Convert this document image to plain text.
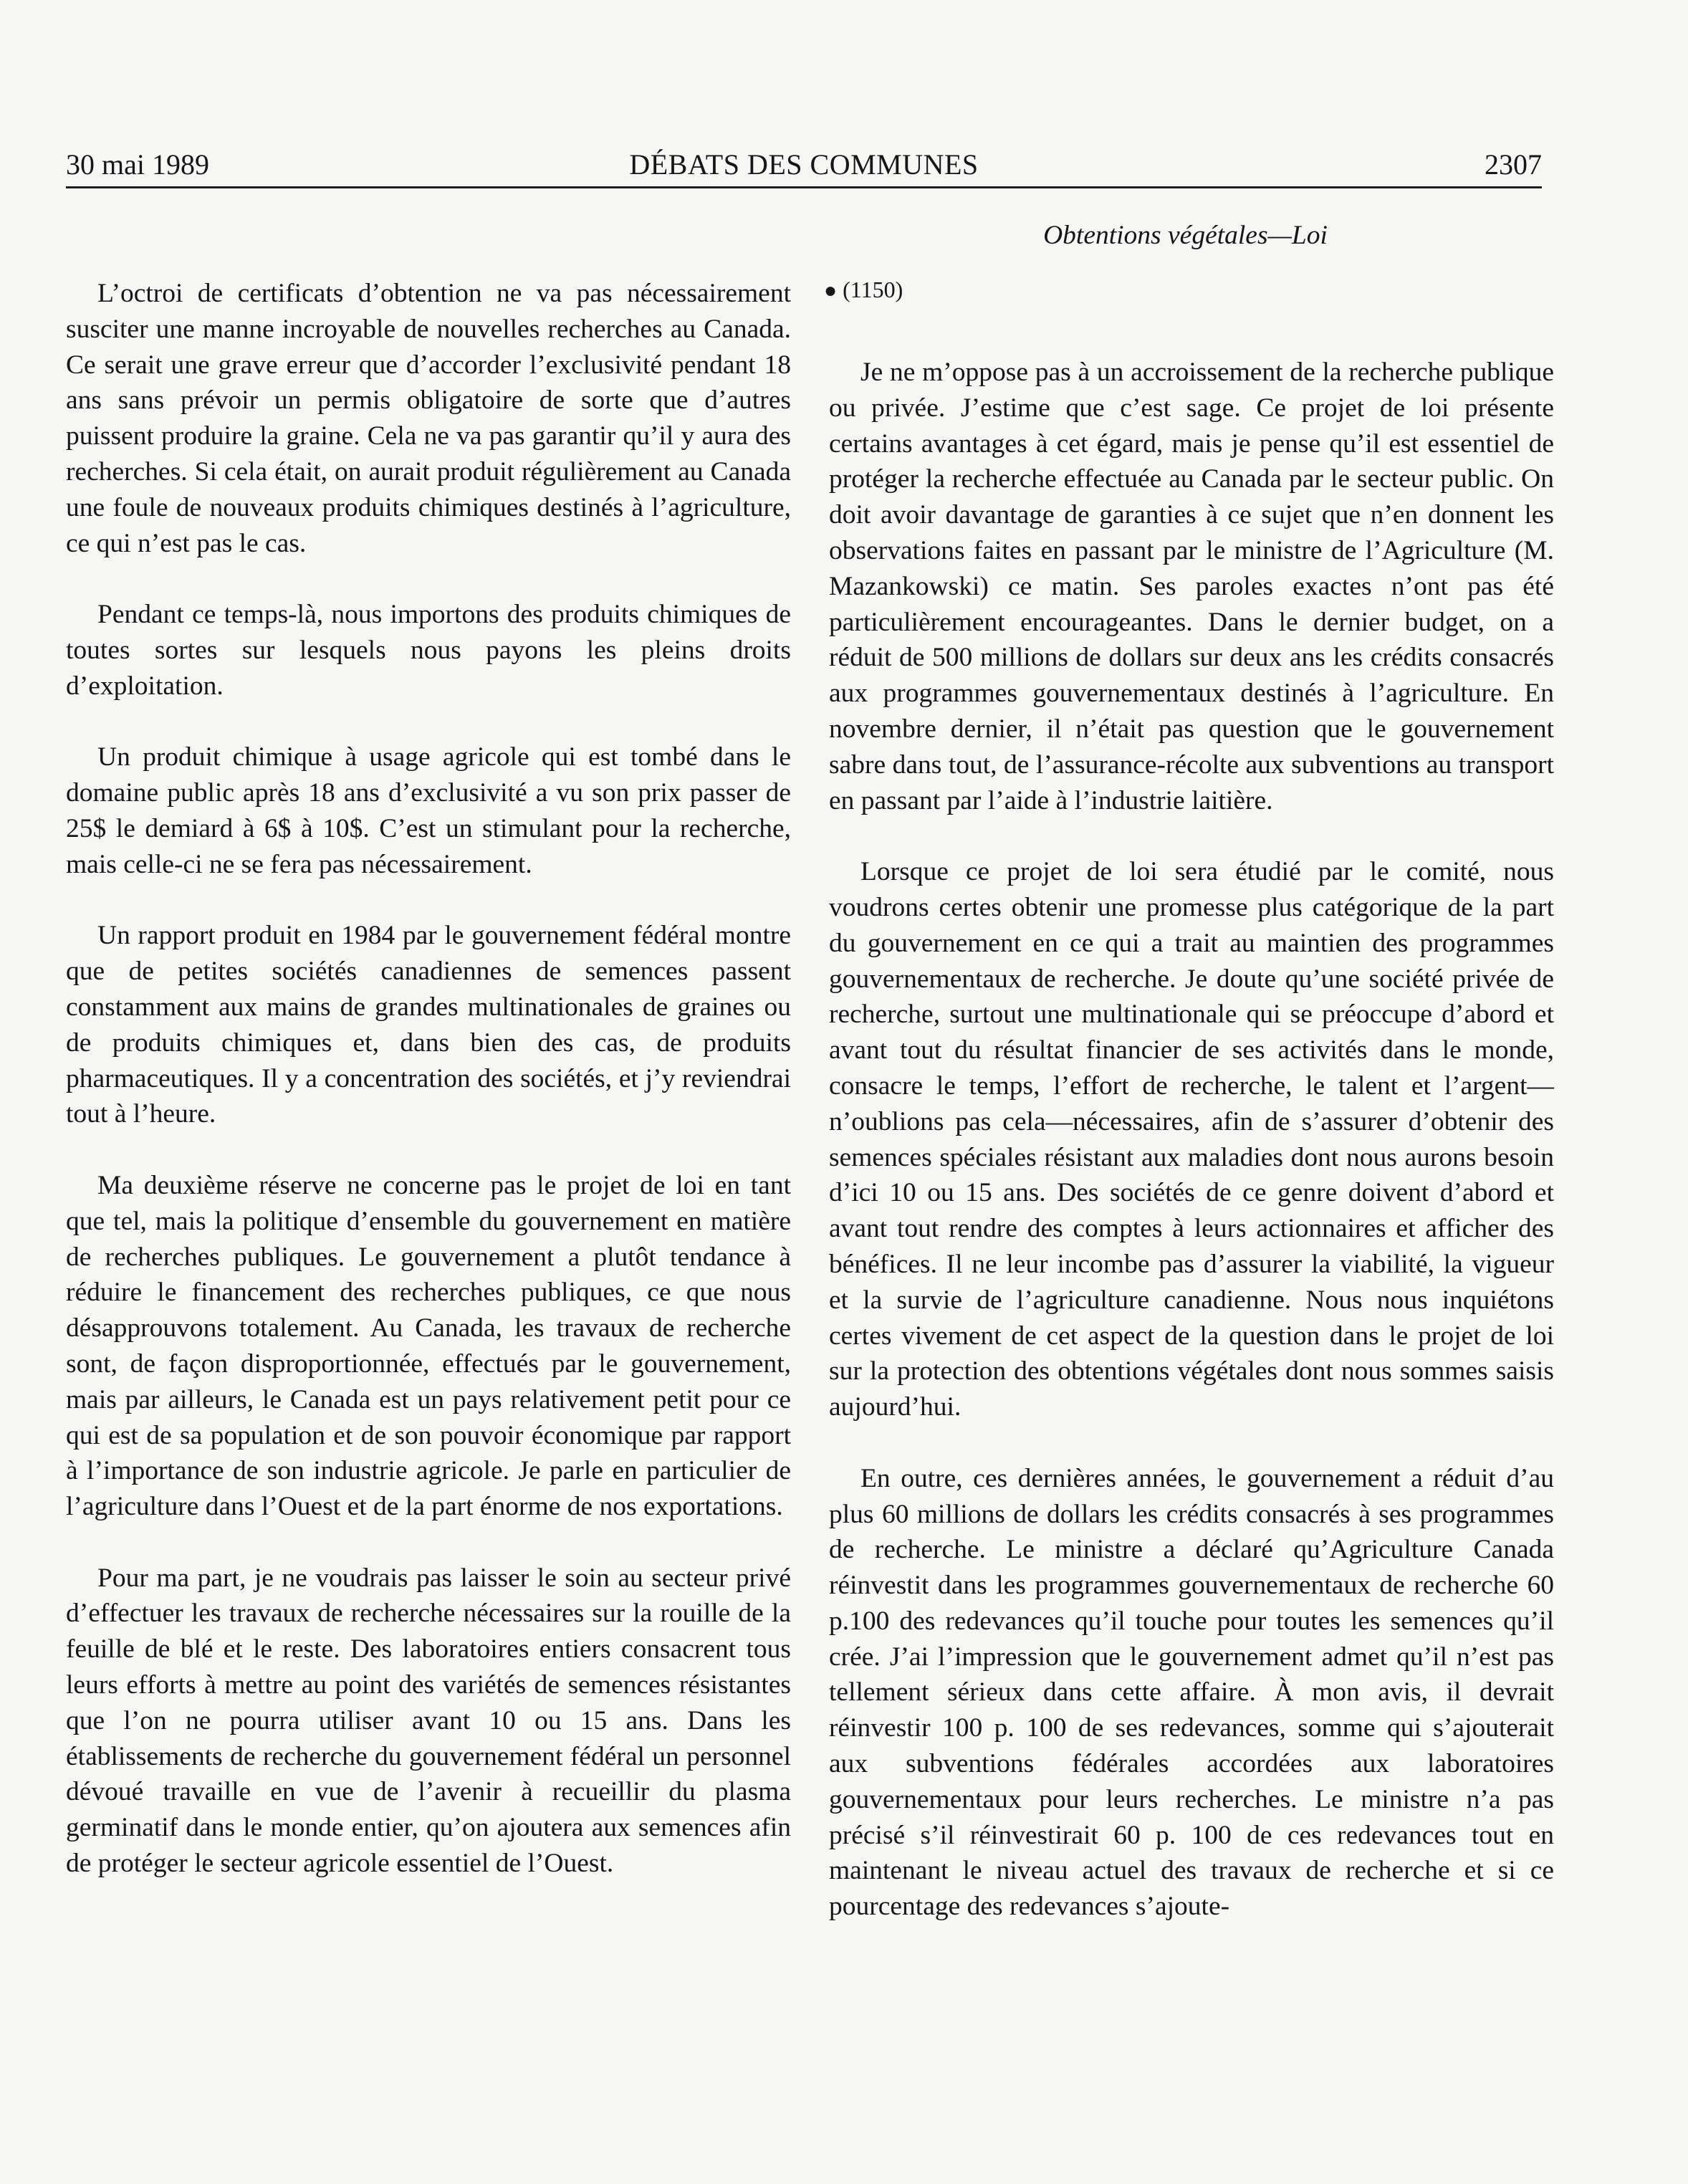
30 mai 1989	DÉBATS DES COMMUNES	2307
Obtentions végétales—Loi

L’octroi de certificats d’obtention ne va pas nécessairement susciter une manne incroyable de nouvelles recherches au Canada. Ce serait une grave erreur que d’accorder l’exclusivité pendant 18 ans sans prévoir un permis obligatoire de sorte que d’autres puissent produire la graine. Cela ne va pas garantir qu’il y aura des recherches. Si cela était, on aurait produit régulièrement au Canada une foule de nouveaux produits chimiques destinés à l’agriculture, ce qui n’est pas le cas.

Pendant ce temps-là, nous importons des produits chimiques de toutes sortes sur lesquels nous payons les pleins droits d’exploitation.

Un produit chimique à usage agricole qui est tombé dans le domaine public après 18 ans d’exclusivité a vu son prix passer de 25$ le demiard à 6$ à 10$. C’est un stimulant pour la recherche, mais celle-ci ne se fera pas nécessairement.

Un rapport produit en 1984 par le gouvernement fédéral montre que de petites sociétés canadiennes de semences passent constamment aux mains de grandes multinationales de graines ou de produits chimiques et, dans bien des cas, de produits pharmaceutiques. Il y a concentration des sociétés, et j’y reviendrai tout à l’heure.

Ma deuxième réserve ne concerne pas le projet de loi en tant que tel, mais la politique d’ensemble du gouvernement en matière de recherches publiques. Le gouvernement a plutôt tendance à réduire le financement des recherches publiques, ce que nous désapprouvons totalement. Au Canada, les travaux de recherche sont, de façon disproportionnée, effectués par le gouvernement, mais par ailleurs, le Canada est un pays relativement petit pour ce qui est de sa population et de son pouvoir économique par rapport à l’importance de son industrie agricole. Je parle en particulier de l’agriculture dans l’Ouest et de la part énorme de nos exportations.

Pour ma part, je ne voudrais pas laisser le soin au secteur privé d’effectuer les travaux de recherche nécessaires sur la rouille de la feuille de blé et le reste. Des laboratoires entiers consacrent tous leurs efforts à mettre au point des variétés de semences résistantes que l’on ne pourra utiliser avant 10 ou 15 ans. Dans les établissements de recherche du gouvernement fédéral un personnel dévoué travaille en vue de l’avenir à recueillir du plasma germinatif dans le monde entier, qu’on ajoutera aux semences afin de protéger le secteur agricole essentiel de l’Ouest.

● (1150)

Je ne m’oppose pas à un accroissement de la recherche publique ou privée. J’estime que c’est sage. Ce projet de loi présente certains avantages à cet égard, mais je pense qu’il est essentiel de protéger la recherche effectuée au Canada par le secteur public. On doit avoir davantage de garanties à ce sujet que n’en donnent les observations faites en passant par le ministre de l’Agriculture (M. Mazankowski) ce matin. Ses paroles exactes n’ont pas été particulièrement encourageantes. Dans le dernier budget, on a réduit de 500 millions de dollars sur deux ans les crédits consacrés aux programmes gouvernementaux destinés à l’agriculture. En novembre dernier, il n’était pas question que le gouvernement sabre dans tout, de l’assurance-récolte aux subventions au transport en passant par l’aide à l’industrie laitière.

Lorsque ce projet de loi sera étudié par le comité, nous voudrons certes obtenir une promesse plus catégorique de la part du gouvernement en ce qui a trait au maintien des programmes gouvernementaux de recherche. Je doute qu’une société privée de recherche, surtout une multinationale qui se préoccupe d’abord et avant tout du résultat financier de ses activités dans le monde, consacre le temps, l’effort de recherche, le talent et l’argent—n’oublions pas cela—nécessaires, afin de s’assurer d’obtenir des semences spéciales résistant aux maladies dont nous aurons besoin d’ici 10 ou 15 ans. Des sociétés de ce genre doivent d’abord et avant tout rendre des comptes à leurs actionnaires et afficher des bénéfices. Il ne leur incombe pas d’assurer la viabilité, la vigueur et la survie de l’agriculture canadienne. Nous nous inquiétons certes vivement de cet aspect de la question dans le projet de loi sur la protection des obtentions végétales dont nous sommes saisis aujourd’hui.

En outre, ces dernières années, le gouvernement a réduit d’au plus 60 millions de dollars les crédits consacrés à ses programmes de recherche. Le ministre a déclaré qu’Agriculture Canada réinvestit dans les programmes gouvernementaux de recherche 60 p.100 des redevances qu’il touche pour toutes les semences qu’il crée. J’ai l’impression que le gouvernement admet qu’il n’est pas tellement sérieux dans cette affaire. À mon avis, il devrait réinvestir 100 p. 100 de ses redevances, somme qui s’ajouterait aux subventions fédérales accordées aux laboratoires gouvernementaux pour leurs recherches. Le ministre n’a pas précisé s’il réinvestirait 60 p. 100 de ces redevances tout en maintenant le niveau actuel des travaux de recherche et si ce pourcentage des redevances s’ajoute-
